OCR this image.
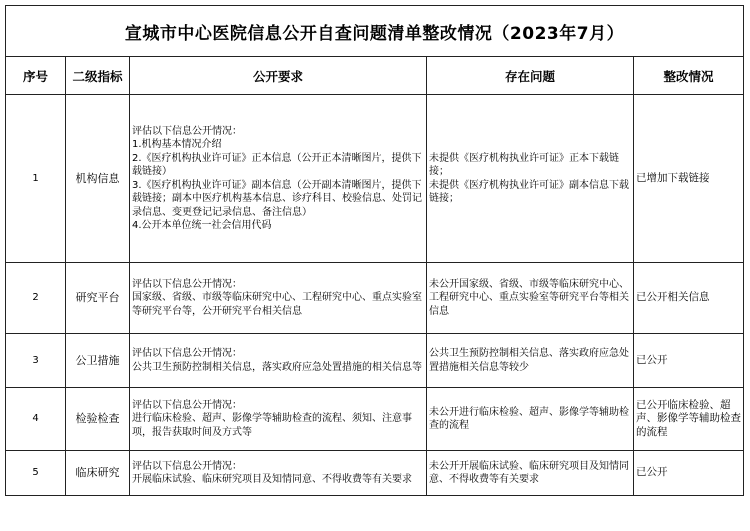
宣城市中心医院信息公开自查问题清单整改情况（2023年7月）				
序号	二级指标	公开要求	存在问题	整改情况
1	机构信息	评估以下信息公开情况：
1.机构基本情况介绍
2.《医疗机构执业许可证》正本信息（公开正本清晰图片，提供下载链接）
3.《医疗机构执业许可证》副本信息（公开副本清晰图片，提供下载链接；副本中医疗机构基本信息、诊疗科目、校验信息、处罚记录信息、变更登记记录信息、备注信息）
4.公开本单位统一社会信用代码	未提供《医疗机构执业许可证》正本下载链接；
未提供《医疗机构执业许可证》副本信息下载链接；	已增加下载链接
2	研究平台	评估以下信息公开情况：
国家级、省级、市级等临床研究中心、工程研究中心、重点实验室等研究平台等，公开研究平台相关信息	未公开国家级、省级、市级等临床研究中心、工程研究中心、重点实验室等研究平台等相关信息	已公开相关信息
3	公卫措施	评估以下信息公开情况：
公共卫生预防控制相关信息，落实政府应急处置措施的相关信息等	公共卫生预防控制相关信息、落实政府应急处置措施相关信息等较少	已公开
4	检验检查	评估以下信息公开情况：
进行临床检验、超声、影像学等辅助检查的流程、须知、注意事项，报告获取时间及方式等	未公开进行临床检验、超声、影像学等辅助检查的流程	已公开临床检验、超声、影像学等辅助检查的流程
5	临床研究	评估以下信息公开情况：
开展临床试验、临床研究项目及知情同意、不得收费等有关要求	未公开开展临床试验、临床研究项目及知情同意、不得收费等有关要求	已公开
